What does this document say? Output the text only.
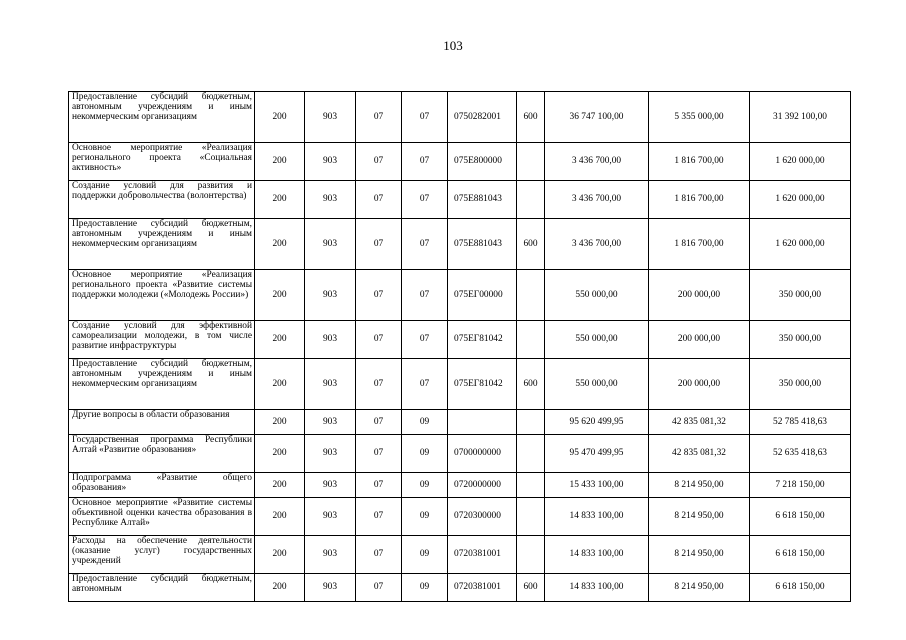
103
Предоставление субсидий бюджетным, автономным учреждениям и иным некоммерческим организациям	200	903	07	07	0750282001	600	36 747 100,00	5 355 000,00	31 392 100,00
Основное мероприятие «Реализация регионального проекта «Социальная активность»	200	903	07	07	075E800000		3 436 700,00	1 816 700,00	1 620 000,00
Создание условий для развития и поддержки добровольчества (волонтерства)	200	903	07	07	075E881043		3 436 700,00	1 816 700,00	1 620 000,00
Предоставление субсидий бюджетным, автономным учреждениям и иным некоммерческим организациям	200	903	07	07	075E881043	600	3 436 700,00	1 816 700,00	1 620 000,00
Основное мероприятие «Реализация регионального проекта «Развитие системы поддержки молодежи («Молодежь России»)	200	903	07	07	075ЕГ00000		550 000,00	200 000,00	350 000,00
Создание условий для эффективной самореализации молодежи, в том числе развитие инфраструктуры	200	903	07	07	075ЕГ81042		550 000,00	200 000,00	350 000,00
Предоставление субсидий бюджетным, автономным учреждениям и иным некоммерческим организациям	200	903	07	07	075ЕГ81042	600	550 000,00	200 000,00	350 000,00
Другие вопросы в области образования	200	903	07	09			95 620 499,95	42 835 081,32	52 785 418,63
Государственная программа Республики Алтай «Развитие образования»	200	903	07	09	0700000000		95 470 499,95	42 835 081,32	52 635 418,63
Подпрограмма «Развитие общего образования»	200	903	07	09	0720000000		15 433 100,00	8 214 950,00	7 218 150,00
Основное мероприятие «Развитие системы объективной оценки качества образования в Республике Алтай»	200	903	07	09	0720300000		14 833 100,00	8 214 950,00	6 618 150,00
Расходы на обеспечение деятельности (оказание услуг) государственных учреждений	200	903	07	09	0720381001		14 833 100,00	8 214 950,00	6 618 150,00
Предоставление субсидий бюджетным, автономным	200	903	07	09	0720381001	600	14 833 100,00	8 214 950,00	6 618 150,00
